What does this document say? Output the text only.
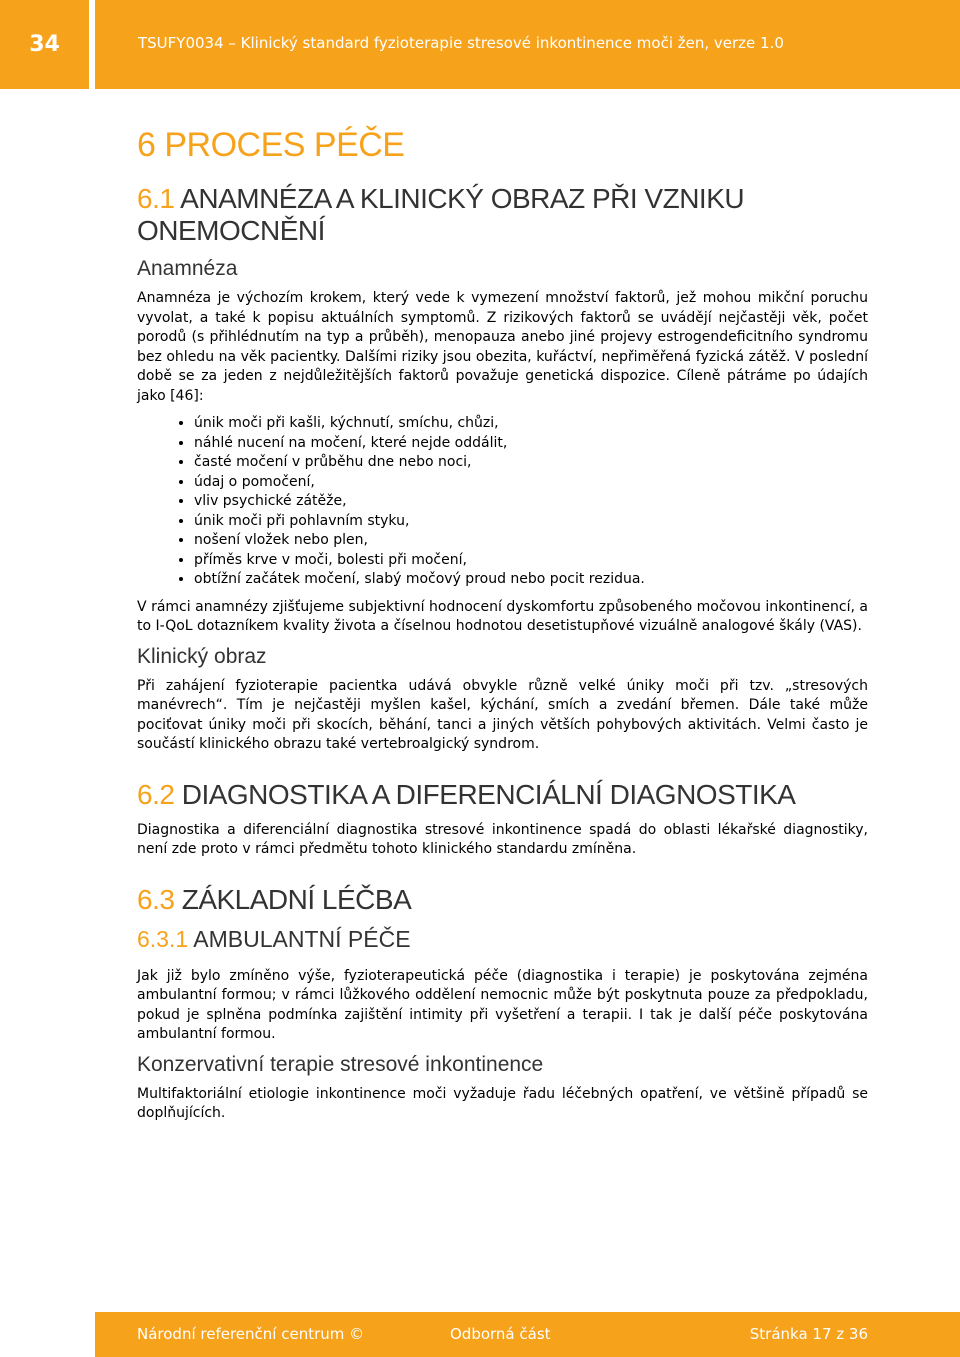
34	TSUFY0034 – Klinický standard fyzioterapie stresové inkontinence moči žen, verze 1.0
6 PROCES PÉČE
6.1 ANAMNÉZA A KLINICKÝ OBRAZ PŘI VZNIKU ONEMOCNĚNÍ
Anamnéza

Anamnéza je výchozím krokem, který vede k vymezení množství faktorů, jež mohou mikční poruchu vyvolat, a také k popisu aktuálních symptomů. Z rizikových faktorů se uvádějí nejčastěji věk, počet porodů (s přihlédnutím na typ a průběh), menopauza anebo jiné projevy estrogendeficitního syndromu bez ohledu na věk pacientky. Dalšími riziky jsou obezita, kuřáctví, nepřiměřená fyzická zátěž. V poslední době se za jeden z nejdůležitějších faktorů považuje genetická dispozice. Cíleně pátráme po údajích jako [46]:

• únik moči při kašli, kýchnutí, smíchu, chůzi,
• náhlé nucení na močení, které nejde oddálit,
• časté močení v průběhu dne nebo noci,
• údaj o pomočení,
• vliv psychické zátěže,
• únik moči při pohlavním styku,
• nošení vložek nebo plen,
• příměs krve v moči, bolesti při močení,
• obtížní začátek močení, slabý močový proud nebo pocit rezidua.

V rámci anamnézy zjišťujeme subjektivní hodnocení dyskomfortu způsobeného močovou inkontinencí, a to I-QoL dotazníkem kvality života a číselnou hodnotou desetistupňové vizuálně analogové škály (VAS).

Klinický obraz

Při zahájení fyzioterapie pacientka udává obvykle různě velké úniky moči při tzv. „stresových manévrech“. Tím je nejčastěji myšlen kašel, kýchání, smích a zvedání břemen. Dále také může pociťovat úniky moči při skocích, běhání, tanci a jiných větších pohybových aktivitách. Velmi často je součástí klinického obrazu také vertebroalgický syndrom.

6.2 DIAGNOSTIKA A DIFERENCIÁLNÍ DIAGNOSTIKA

Diagnostika a diferenciální diagnostika stresové inkontinence spadá do oblasti lékařské diagnostiky, není zde proto v rámci předmětu tohoto klinického standardu zmíněna.

6.3 ZÁKLADNÍ LÉČBA
6.3.1 AMBULANTNÍ PÉČE

Jak již bylo zmíněno výše, fyzioterapeutická péče (diagnostika i terapie) je poskytována zejména ambulantní formou; v rámci lůžkového oddělení nemocnic může být poskytnuta pouze za předpokladu, pokud je splněna podmínka zajištění intimity při vyšetření a terapii. I tak je další péče poskytována ambulantní formou.

Konzervativní terapie stresové inkontinence

Multifaktoriální etiologie inkontinence moči vyžaduje řadu léčebných opatření, ve většině případů se doplňujících.

Národní referenční centrum ©	Odborná část	Stránka 17 z 36
